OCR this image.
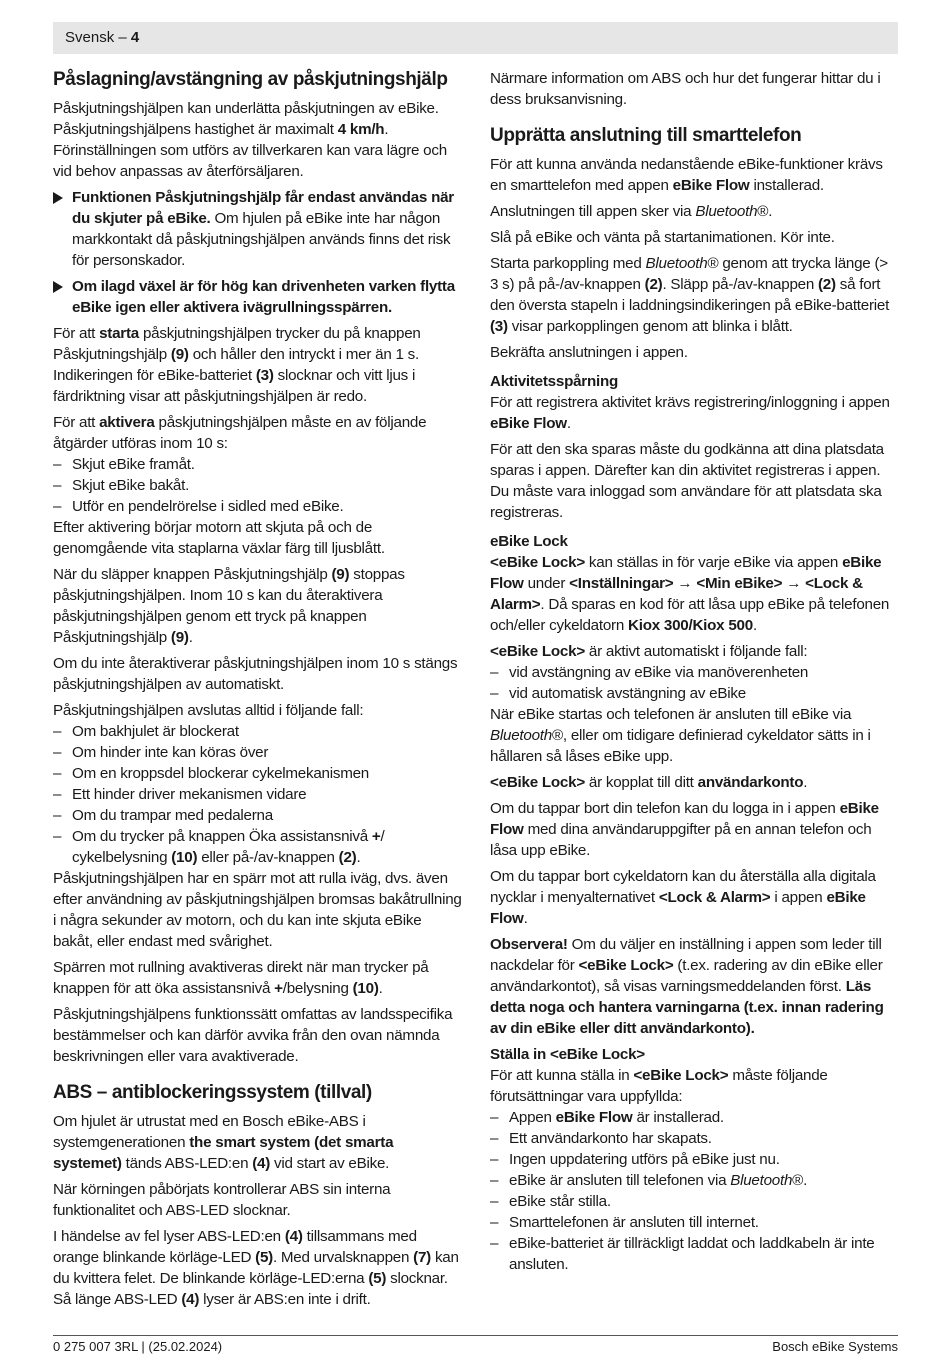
Svensk – 4
Påslagning/avstängning av påskjutningshjälp

Påskjutningshjälpen kan underlätta påskjutningen av eBike. Påskjutningshjälpens hastighet är maximalt 4 km/h. Förinställningen som utförs av tillverkaren kan vara lägre och vid behov anpassas av återförsäljaren.

Funktionen Påskjutningshjälp får endast användas när du skjuter på eBike. Om hjulen på eBike inte har någon markkontakt då påskjutningshjälpen används finns det risk för personskador.
Om ilagd växel är för hög kan drivenheten varken flytta eBike igen eller aktivera ivägrullningsspärren.

För att starta påskjutningshjälpen trycker du på knappen Påskjutningshjälp (9) och håller den intryckt i mer än 1 s. Indikeringen för eBike-batteriet (3) slocknar och vitt ljus i färdriktning visar att påskjutningshjälpen är redo.

För att aktivera påskjutningshjälpen måste en av följande åtgärder utföras inom 10 s:

– Skjut eBike framåt.
– Skjut eBike bakåt.
– Utför en pendelrörelse i sidled med eBike.

Efter aktivering börjar motorn att skjuta på och de genomgående vita staplarna växlar färg till ljusblått.

När du släpper knappen Påskjutningshjälp (9) stoppas påskjutningshjälpen. Inom 10 s kan du återaktivera påskjutningshjälpen genom ett tryck på knappen Påskjutningshjälp (9).

Om du inte återaktiverar påskjutningshjälpen inom 10 s stängs påskjutningshjälpen av automatiskt.

Påskjutningshjälpen avslutas alltid i följande fall:

– Om bakhjulet är blockerat
– Om hinder inte kan köras över
– Om en kroppsdel blockerar cykelmekanismen
– Ett hinder driver mekanismen vidare
– Om du trampar med pedalerna
– Om du trycker på knappen Öka assistansnivå +/ cykelbelysning (10) eller på-/av-knappen (2).

Påskjutningshjälpen har en spärr mot att rulla iväg, dvs. även efter användning av påskjutningshjälpen bromsas bakåtrullning i några sekunder av motorn, och du kan inte skjuta eBike bakåt, eller endast med svårighet.

Spärren mot rullning avaktiveras direkt när man trycker på knappen för att öka assistansnivå +/belysning (10).

Påskjutningshjälpens funktionssätt omfattas av landsspecifika bestämmelser och kan därför avvika från den ovan nämnda beskrivningen eller vara avaktiverade.

ABS – antiblockeringssystem (tillval)

Om hjulet är utrustat med en Bosch eBike-ABS i systemgenerationen the smart system (det smarta systemet) tänds ABS-LED:en (4) vid start av eBike.

När körningen påbörjats kontrollerar ABS sin interna funktionalitet och ABS-LED slocknar.

I händelse av fel lyser ABS-LED:en (4) tillsammans med orange blinkande körläge-LED (5). Med urvalsknappen (7) kan du kvittera felet. De blinkande körläge-LED:erna (5) slocknar. Så länge ABS-LED (4) lyser är ABS:en inte i drift.

Närmare information om ABS och hur det fungerar hittar du i dess bruksanvisning.

Upprätta anslutning till smarttelefon

För att kunna använda nedanstående eBike-funktioner krävs en smarttelefon med appen eBike Flow installerad.

Anslutningen till appen sker via Bluetooth®.

Slå på eBike och vänta på startanimationen. Kör inte.

Starta parkoppling med Bluetooth® genom att trycka länge (> 3 s) på på-/av-knappen (2). Släpp på-/av-knappen (2) så fort den översta stapeln i laddningsindikeringen på eBike-batteriet (3) visar parkopplingen genom att blinka i blått.

Bekräfta anslutningen i appen.

Aktivitetsspårning

För att registrera aktivitet krävs registrering/inloggning i appen eBike Flow.

För att den ska sparas måste du godkänna att dina platsdata sparas i appen. Därefter kan din aktivitet registreras i appen. Du måste vara inloggad som användare för att platsdata ska registreras.

eBike Lock

<eBike Lock> kan ställas in för varje eBike via appen eBike Flow under <Inställningar> → <Min eBike> → <Lock & Alarm>. Då sparas en kod för att låsa upp eBike på telefonen och/eller cykeldatorn Kiox 300/Kiox 500.

<eBike Lock> är aktivt automatiskt i följande fall:

– vid avstängning av eBike via manöverenheten
– vid automatisk avstängning av eBike

När eBike startas och telefonen är ansluten till eBike via Bluetooth®, eller om tidigare definierad cykeldator sätts in i hållaren så låses eBike upp.

<eBike Lock> är kopplat till ditt användarkonto.

Om du tappar bort din telefon kan du logga in i appen eBike Flow med dina användaruppgifter på en annan telefon och låsa upp eBike.

Om du tappar bort cykeldatorn kan du återställa alla digitala nycklar i menyalternativet <Lock & Alarm> i appen eBike Flow.

Observera! Om du väljer en inställning i appen som leder till nackdelar för <eBike Lock> (t.ex. radering av din eBike eller användarkontot), så visas varningsmeddelanden först. Läs detta noga och hantera varningarna (t.ex. innan radering av din eBike eller ditt användarkonto).

Ställa in <eBike Lock>

För att kunna ställa in <eBike Lock> måste följande förutsättningar vara uppfyllda:

– Appen eBike Flow är installerad.
– Ett användarkonto har skapats.
– Ingen uppdatering utförs på eBike just nu.
– eBike är ansluten till telefonen via Bluetooth®.
– eBike står stilla.
– Smarttelefonen är ansluten till internet.
– eBike-batteriet är tillräckligt laddat och laddkabeln är inte ansluten.
0 275 007 3RL | (25.02.2024)	Bosch eBike Systems
